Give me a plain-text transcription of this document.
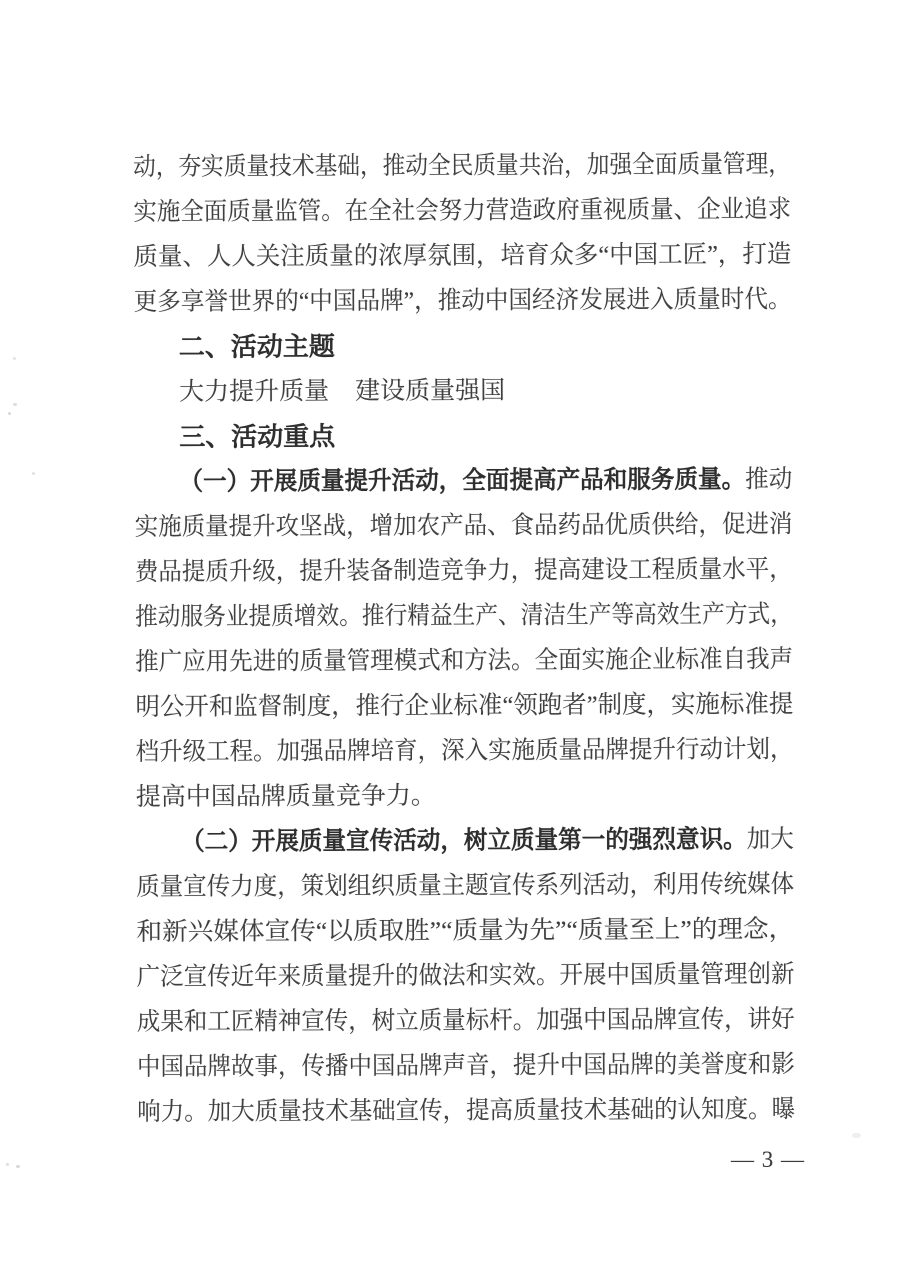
动，夯实质量技术基础，推动全民质量共治，加强全面质量管理，
实施全面质量监管。在全社会努力营造政府重视质量、企业追求
质量、人人关注质量的浓厚氛围，培育众多“中国工匠”，打造
更多享誉世界的“中国品牌”，推动中国经济发展进入质量时代。
二、活动主题
大力提升质量 建设质量强国
三、活动重点
（一）开展质量提升活动，全面提高产品和服务质量。推动
实施质量提升攻坚战，增加农产品、食品药品优质供给，促进消
费品提质升级，提升装备制造竞争力，提高建设工程质量水平，
推动服务业提质增效。推行精益生产、清洁生产等高效生产方式，
推广应用先进的质量管理模式和方法。全面实施企业标准自我声
明公开和监督制度，推行企业标准“领跑者”制度，实施标准提
档升级工程。加强品牌培育，深入实施质量品牌提升行动计划，
提高中国品牌质量竞争力。
（二）开展质量宣传活动，树立质量第一的强烈意识。加大
质量宣传力度，策划组织质量主题宣传系列活动，利用传统媒体
和新兴媒体宣传“以质取胜”“质量为先”“质量至上”的理念，
广泛宣传近年来质量提升的做法和实效。开展中国质量管理创新
成果和工匠精神宣传，树立质量标杆。加强中国品牌宣传，讲好
中国品牌故事，传播中国品牌声音，提升中国品牌的美誉度和影
响力。加大质量技术基础宣传，提高质量技术基础的认知度。曝
— 3 —
